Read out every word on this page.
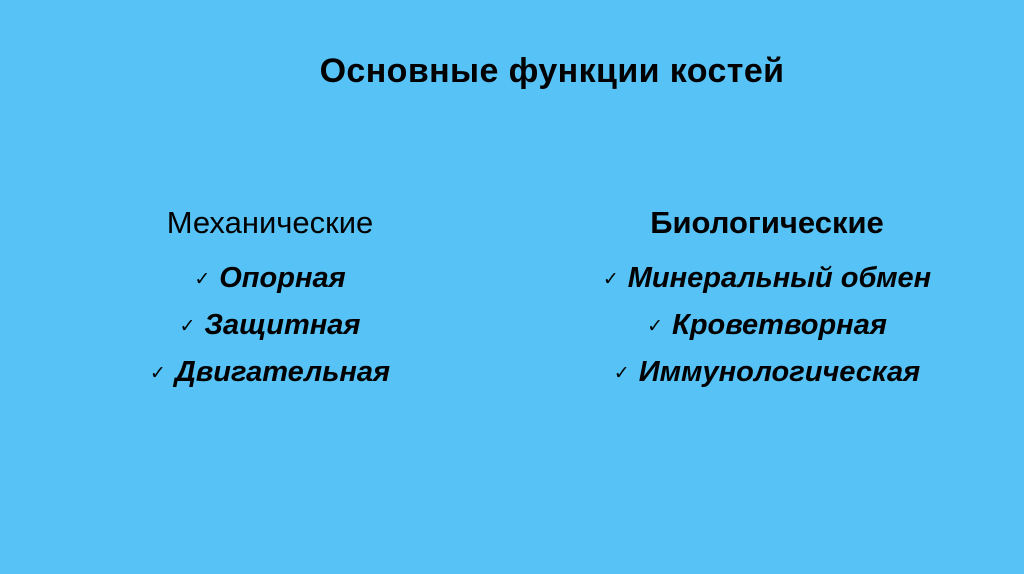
Основные функции костей
Механические
✓ Опорная
✓ Защитная
✓ Двигательная
Биологические
✓ Минеральный обмен
✓ Кроветворная
✓ Иммунологическая
